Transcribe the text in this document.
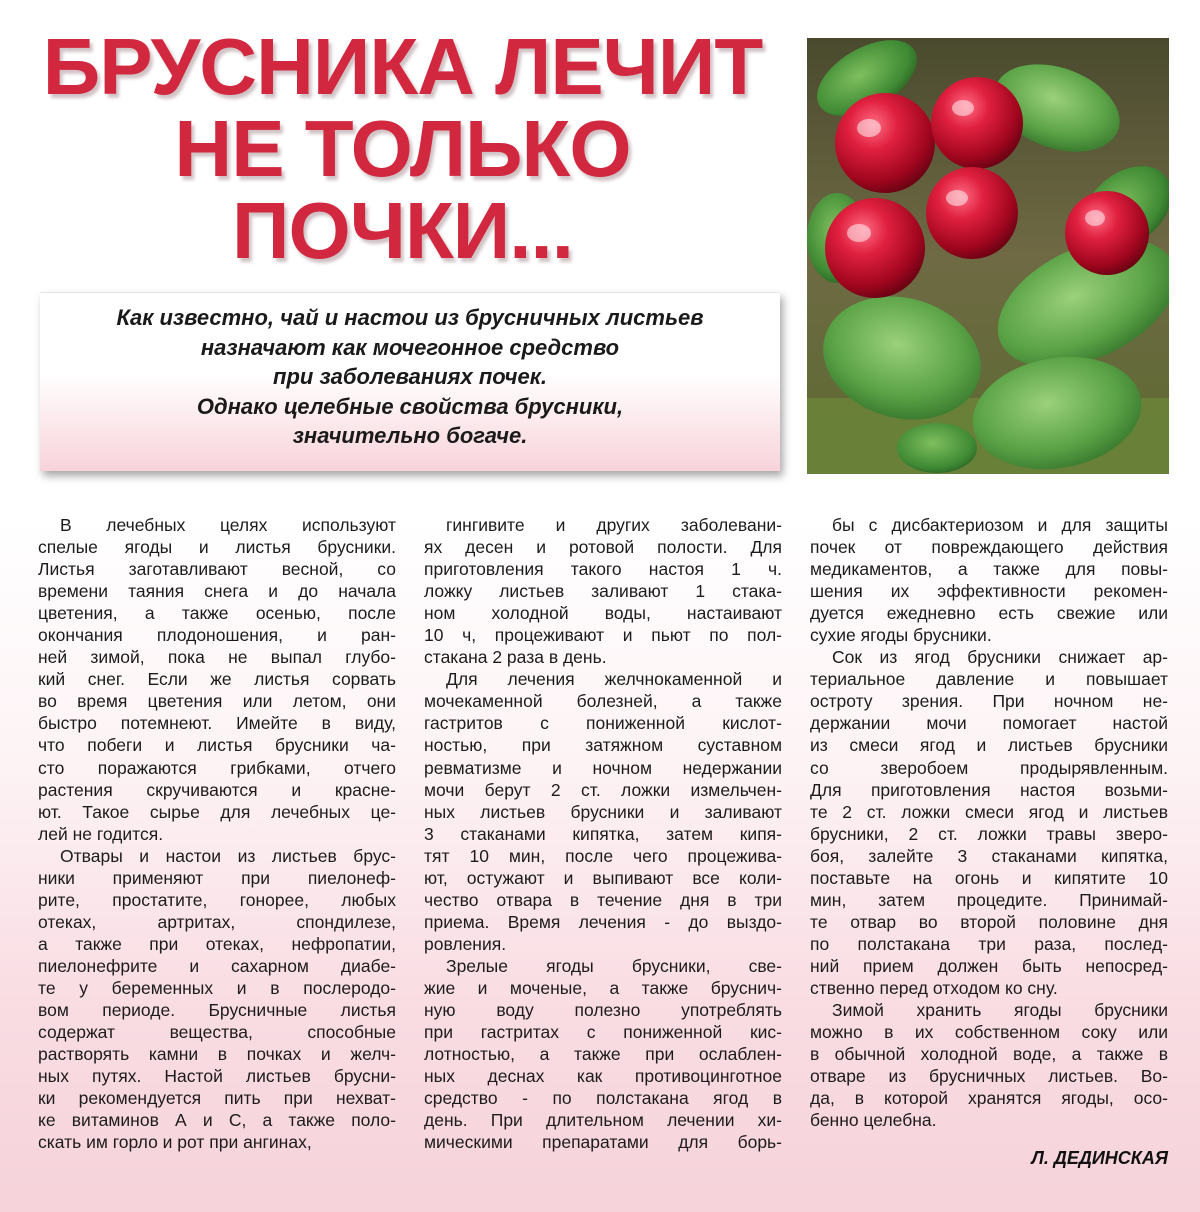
БРУСНИКА ЛЕЧИТ
НЕ ТОЛЬКО
ПОЧКИ...
Как известно, чай и настои из брусничных листьев
назначают как мочегонное средство
при заболеваниях почек.
Однако целебные свойства брусники,
значительно богаче.
В лечебных целях используют
спелые ягоды и листья брусники.
Листья заготавливают весной, со
времени таяния снега и до начала
цветения, а также осенью, после
окончания плодоношения, и ран-
ней зимой, пока не выпал глубо-
кий снег. Если же листья сорвать
во время цветения или летом, они
быстро потемнеют. Имейте в виду,
что побеги и листья брусники ча-
сто поражаются грибками, отчего
растения скручиваются и красне-
ют. Такое сырье для лечебных це-
лей не годится.
Отвары и настои из листьев брус-
ники применяют при пиелонеф-
рите, простатите, гонорее, любых
отеках, артритах, спондилезе,
а также при отеках, нефропатии,
пиелонефрите и сахарном диабе-
те у беременных и в послеродо-
вом периоде. Брусничные листья
содержат вещества, способные
растворять камни в почках и желч-
ных путях. Настой листьев брусни-
ки рекомендуется пить при нехват-
ке витаминов А и С, а также поло-
скать им горло и рот при ангинах,
гингивите и других заболевани-
ях десен и ротовой полости. Для
приготовления такого настоя 1 ч.
ложку листьев заливают 1 стака-
ном холодной воды, настаивают
10 ч, процеживают и пьют по пол-
стакана 2 раза в день.
Для лечения желчнокаменной и
мочекаменной болезней, а также
гастритов с пониженной кислот-
ностью, при затяжном суставном
ревматизме и ночном недержании
мочи берут 2 ст. ложки измельчен-
ных листьев брусники и заливают
3 стаканами кипятка, затем кипя-
тят 10 мин, после чего процежива-
ют, остужают и выпивают все коли-
чество отвара в течение дня в три
приема. Время лечения - до выздо-
ровления.
Зрелые ягоды брусники, све-
жие и моченые, а также бруснич-
ную воду полезно употреблять
при гастритах с пониженной кис-
лотностью, а также при ослаблен-
ных деснах как противоцинготное
средство - по полстакана ягод в
день. При длительном лечении хи-
мическими препаратами для борь-
бы с дисбактериозом и для защиты
почек от повреждающего действия
медикаментов, а также для повы-
шения их эффективности рекомен-
дуется ежедневно есть свежие или
сухие ягоды брусники.
Сок из ягод брусники снижает ар-
териальное давление и повышает
остроту зрения. При ночном не-
держании мочи помогает настой
из смеси ягод и листьев брусники
со зверобоем продырявленным.
Для приготовления настоя возьми-
те 2 ст. ложки смеси ягод и листьев
брусники, 2 ст. ложки травы зверо-
боя, залейте 3 стаканами кипятка,
поставьте на огонь и кипятите 10
мин, затем процедите. Принимай-
те отвар во второй половине дня
по полстакана три раза, послед-
ний прием должен быть непосред-
ственно перед отходом ко сну.
Зимой хранить ягоды брусники
можно в их собственном соку или
в обычной холодной воде, а также в
отваре из брусничных листьев. Во-
да, в которой хранятся ягоды, осо-
бенно целебна.
Л. ДЕДИНСКАЯ
